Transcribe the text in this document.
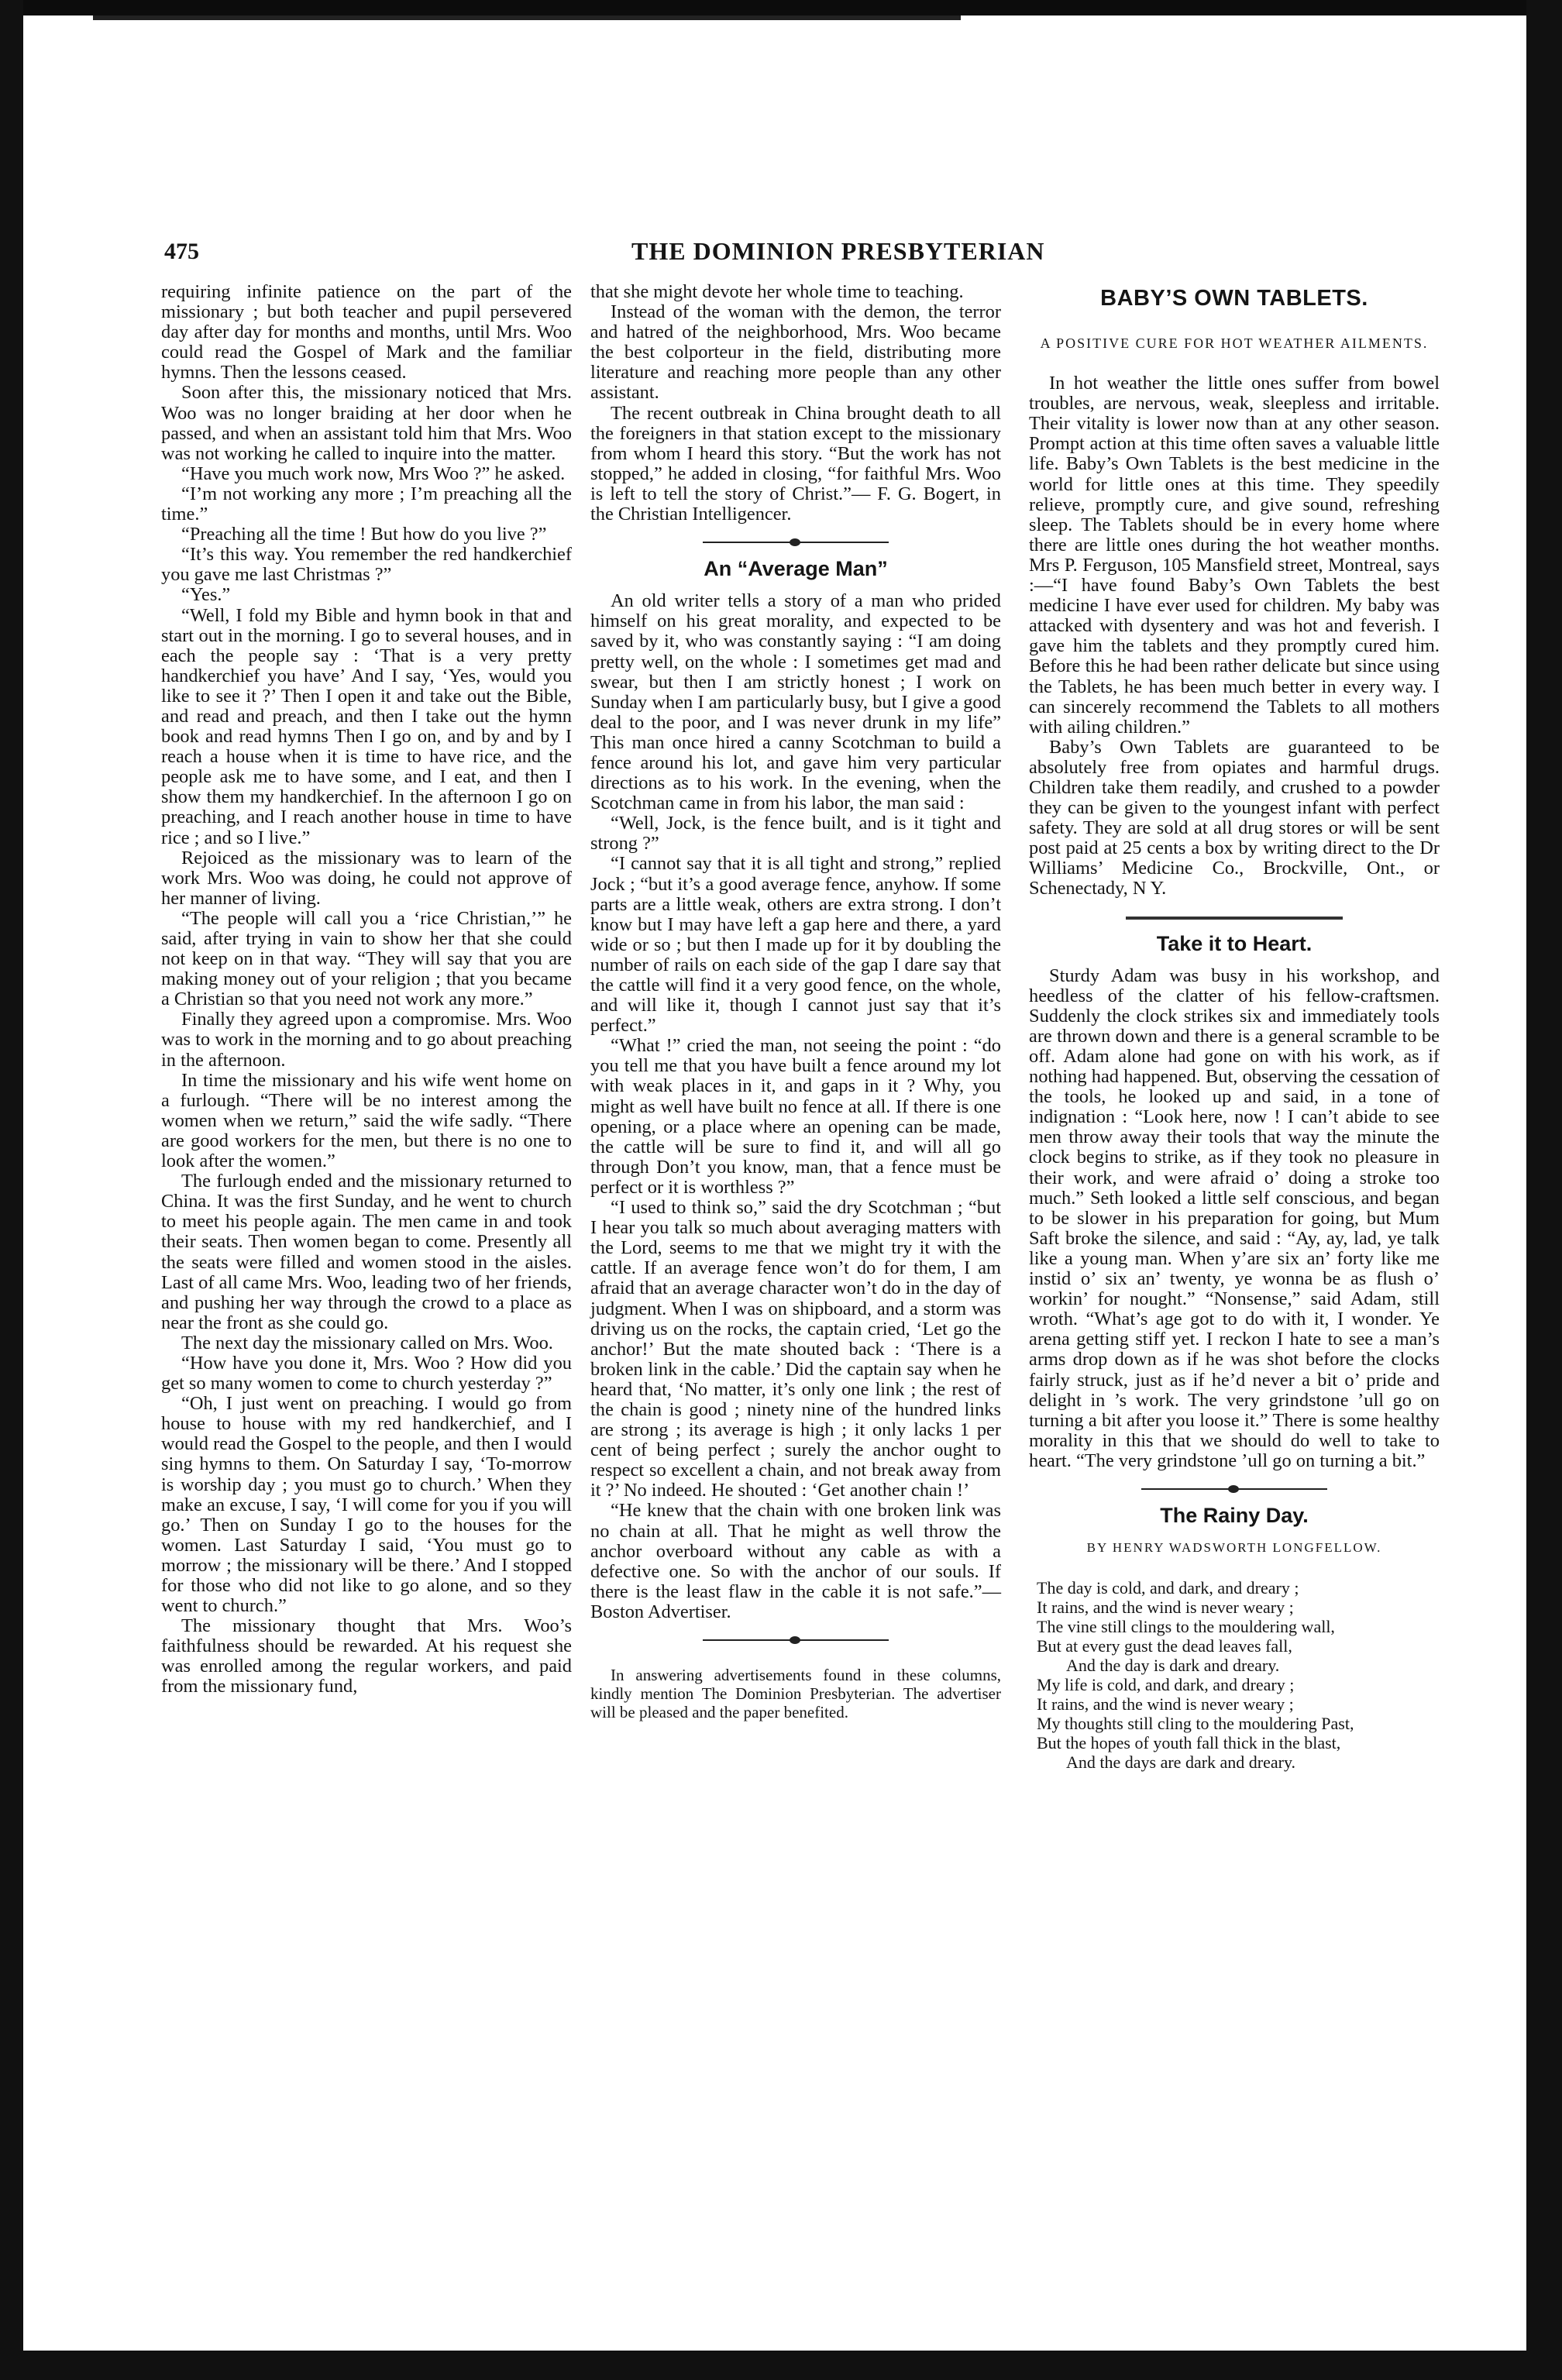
475	THE DOMINION PRESBYTERIAN

requiring infinite patience on the part of the missionary ; but both teacher and pupil persevered day after day for months and months, until Mrs. Woo could read the Gospel of Mark and the familiar hymns. Then the lessons ceased.

Soon after this, the missionary noticed that Mrs. Woo was no longer braiding at her door when he passed, and when an assistant told him that Mrs. Woo was not working he called to inquire into the matter.

“Have you much work now, Mrs Woo ?” he asked.

“I’m not working any more ; I’m preaching all the time.”

“Preaching all the time ! But how do you live ?”

“It’s this way. You remember the red handkerchief you gave me last Christmas ?”

“Yes.”

“Well, I fold my Bible and hymn book in that and start out in the morning. I go to several houses, and in each the people say : ‘That is a very pretty handkerchief you have’ And I say, ‘Yes, would you like to see it ?’ Then I open it and take out the Bible, and read and preach, and then I take out the hymn book and read hymns Then I go on, and by and by I reach a house when it is time to have rice, and the people ask me to have some, and I eat, and then I show them my handkerchief. In the afternoon I go on preaching, and I reach another house in time to have rice ; and so I live.”

Rejoiced as the missionary was to learn of the work Mrs. Woo was doing, he could not approve of her manner of living.

“The people will call you a ‘rice Christian,’” he said, after trying in vain to show her that she could not keep on in that way. “They will say that you are making money out of your religion ; that you became a Christian so that you need not work any more.”

Finally they agreed upon a compromise. Mrs. Woo was to work in the morning and to go about preaching in the afternoon.

In time the missionary and his wife went home on a furlough. “There will be no interest among the women when we return,” said the wife sadly. “There are good workers for the men, but there is no one to look after the women.”

The furlough ended and the missionary returned to China. It was the first Sunday, and he went to church to meet his people again. The men came in and took their seats. Then women began to come. Presently all the seats were filled and women stood in the aisles. Last of all came Mrs. Woo, leading two of her friends, and pushing her way through the crowd to a place as near the front as she could go.

The next day the missionary called on Mrs. Woo.

“How have you done it, Mrs. Woo ? How did you get so many women to come to church yesterday ?”

“Oh, I just went on preaching. I would go from house to house with my red handkerchief, and I would read the Gospel to the people, and then I would sing hymns to them. On Saturday I say, ‘To-morrow is worship day ; you must go to church.’ When they make an excuse, I say, ‘I will come for you if you will go.’ Then on Sunday I go to the houses for the women. Last Saturday I said, ‘You must go to morrow ; the missionary will be there.’ And I stopped for those who did not like to go alone, and so they went to church.”

The missionary thought that Mrs. Woo’s faithfulness should be rewarded. At his request she was enrolled among the regular workers, and paid from the missionary fund,

that she might devote her whole time to teaching.

Instead of the woman with the demon, the terror and hatred of the neighborhood, Mrs. Woo became the best colporteur in the field, distributing more literature and reaching more people than any other assistant.

The recent outbreak in China brought death to all the foreigners in that station except to the missionary from whom I heard this story. “But the work has not stopped,” he added in closing, “for faithful Mrs. Woo is left to tell the story of Christ.”— F. G. Bogert, in the Christian Intelligencer.

An “Average Man”

An old writer tells a story of a man who prided himself on his great morality, and expected to be saved by it, who was constantly saying : “I am doing pretty well, on the whole : I sometimes get mad and swear, but then I am strictly honest ; I work on Sunday when I am particularly busy, but I give a good deal to the poor, and I was never drunk in my life” This man once hired a canny Scotchman to build a fence around his lot, and gave him very particular directions as to his work. In the evening, when the Scotchman came in from his labor, the man said :

“Well, Jock, is the fence built, and is it tight and strong ?”

“I cannot say that it is all tight and strong,” replied Jock ; “but it’s a good average fence, anyhow. If some parts are a little weak, others are extra strong. I don’t know but I may have left a gap here and there, a yard wide or so ; but then I made up for it by doubling the number of rails on each side of the gap I dare say that the cattle will find it a very good fence, on the whole, and will like it, though I cannot just say that it’s perfect.”

“What !” cried the man, not seeing the point : “do you tell me that you have built a fence around my lot with weak places in it, and gaps in it ? Why, you might as well have built no fence at all. If there is one opening, or a place where an opening can be made, the cattle will be sure to find it, and will all go through Don’t you know, man, that a fence must be perfect or it is worthless ?”

“I used to think so,” said the dry Scotchman ; “but I hear you talk so much about averaging matters with the Lord, seems to me that we might try it with the cattle. If an average fence won’t do for them, I am afraid that an average character won’t do in the day of judgment. When I was on shipboard, and a storm was driving us on the rocks, the captain cried, ‘Let go the anchor!’ But the mate shouted back : ‘There is a broken link in the cable.’ Did the captain say when he heard that, ‘No matter, it’s only one link ; the rest of the chain is good ; ninety nine of the hundred links are strong ; its average is high ; it only lacks 1 per cent of being perfect ; surely the anchor ought to respect so excellent a chain, and not break away from it ?’ No indeed. He shouted : ‘Get another chain !’

“He knew that the chain with one broken link was no chain at all. That he might as well throw the anchor overboard without any cable as with a defective one. So with the anchor of our souls. If there is the least flaw in the cable it is not safe.”—Boston Advertiser.

In answering advertisements found in these columns, kindly mention The Dominion Presbyterian. The advertiser will be pleased and the paper benefited.
BABY’S OWN TABLETS.
A POSITIVE CURE FOR HOT WEATHER AILMENTS.

In hot weather the little ones suffer from bowel troubles, are nervous, weak, sleepless and irritable. Their vitality is lower now than at any other season. Prompt action at this time often saves a valuable little life. Baby’s Own Tablets is the best medicine in the world for little ones at this time. They speedily relieve, promptly cure, and give sound, refreshing sleep. The Tablets should be in every home where there are little ones during the hot weather months. Mrs P. Ferguson, 105 Mansfield street, Montreal, says :—“I have found Baby’s Own Tablets the best medicine I have ever used for children. My baby was attacked with dysentery and was hot and feverish. I gave him the tablets and they promptly cured him. Before this he had been rather delicate but since using the Tablets, he has been much better in every way. I can sincerely recommend the Tablets to all mothers with ailing children.”

Baby’s Own Tablets are guaranteed to be absolutely free from opiates and harmful drugs. Children take them readily, and crushed to a powder they can be given to the youngest infant with perfect safety. They are sold at all drug stores or will be sent post paid at 25 cents a box by writing direct to the Dr Williams’ Medicine Co., Brockville, Ont., or Schenectady, N Y.

Take it to Heart.

Sturdy Adam was busy in his workshop, and heedless of the clatter of his fellow-craftsmen. Suddenly the clock strikes six and immediately tools are thrown down and there is a general scramble to be off. Adam alone had gone on with his work, as if nothing had happened. But, observing the cessation of the tools, he looked up and said, in a tone of indignation : “Look here, now ! I can’t abide to see men throw away their tools that way the minute the clock begins to strike, as if they took no pleasure in their work, and were afraid o’ doing a stroke too much.” Seth looked a little self conscious, and began to be slower in his preparation for going, but Mum Saft broke the silence, and said : “Ay, ay, lad, ye talk like a young man. When y’are six an’ forty like me instid o’ six an’ twenty, ye wonna be as flush o’ workin’ for nought.” “Nonsense,” said Adam, still wroth. “What’s age got to do with it, I wonder. Ye arena getting stiff yet. I reckon I hate to see a man’s arms drop down as if he was shot before the clocks fairly struck, just as if he’d never a bit o’ pride and delight in ’s work. The very grindstone ’ull go on turning a bit after you loose it.” There is some healthy morality in this that we should do well to take to heart. “The very grindstone ’ull go on turning a bit.”

The Rainy Day.
BY HENRY WADSWORTH LONGFELLOW.
The day is cold, and dark, and dreary ;
It rains, and the wind is never weary ;
The vine still clings to the mouldering wall,
But at every gust the dead leaves fall,
And the day is dark and dreary.
My life is cold, and dark, and dreary ;
It rains, and the wind is never weary ;
My thoughts still cling to the mouldering Past,
But the hopes of youth fall thick in the blast,
And the days are dark and dreary.
